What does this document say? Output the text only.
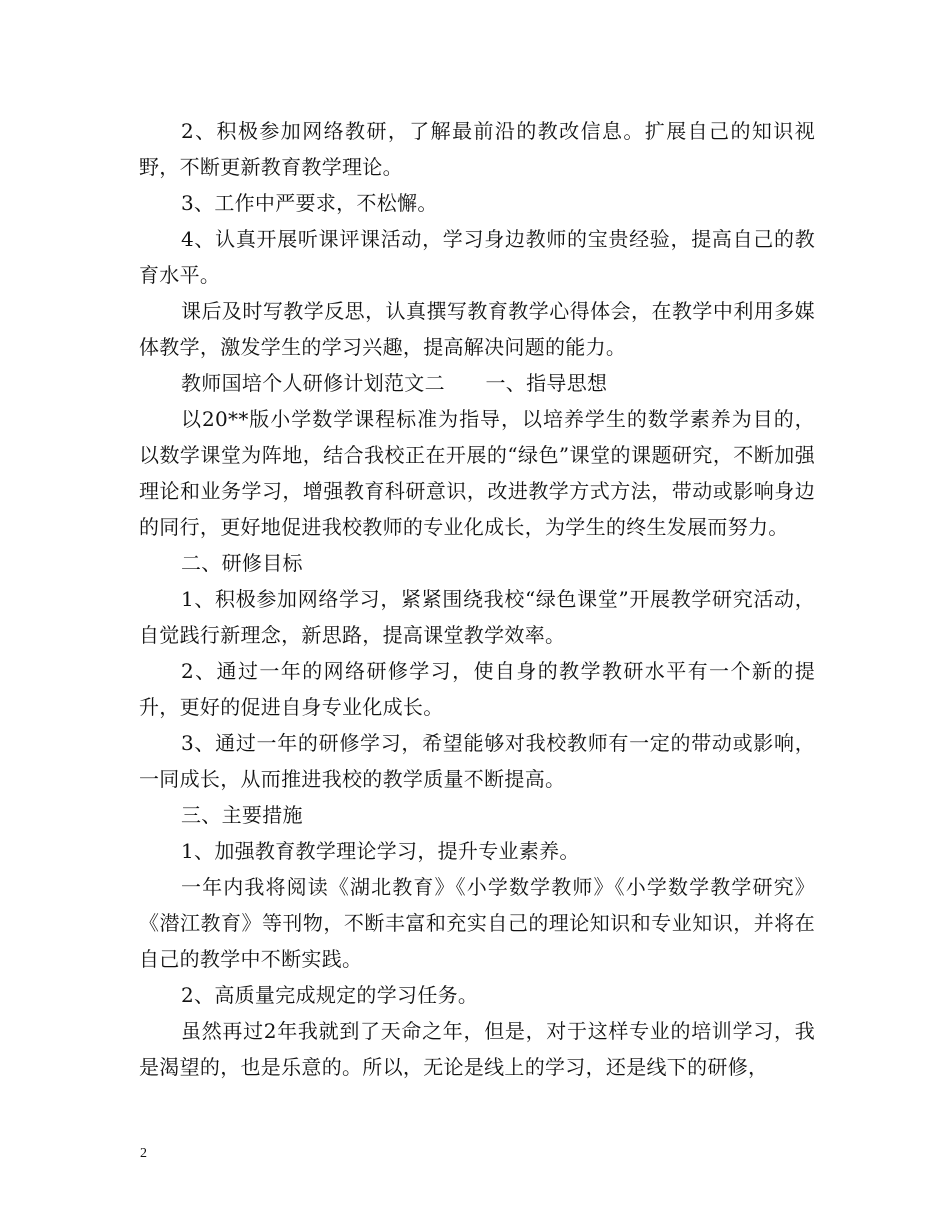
2、积极参加网络教研，了解最前沿的教改信息。扩展自己的知识视野，不断更新教育教学理论。

3、工作中严要求，不松懈。

4、认真开展听课评课活动，学习身边教师的宝贵经验，提高自己的教育水平。

课后及时写教学反思，认真撰写教育教学心得体会，在教学中利用多媒体教学，激发学生的学习兴趣，提高解决问题的能力。

教师国培个人研修计划范文二　　一、指导思想

以20**版小学数学课程标准为指导，以培养学生的数学素养为目的，以数学课堂为阵地，结合我校正在开展的“绿色”课堂的课题研究，不断加强理论和业务学习，增强教育科研意识，改进教学方式方法，带动或影响身边的同行，更好地促进我校教师的专业化成长，为学生的终生发展而努力。

二、研修目标

1、积极参加网络学习，紧紧围绕我校“绿色课堂”开展教学研究活动，自觉践行新理念，新思路，提高课堂教学效率。

2、通过一年的网络研修学习，使自身的教学教研水平有一个新的提升，更好的促进自身专业化成长。

3、通过一年的研修学习，希望能够对我校教师有一定的带动或影响，一同成长，从而推进我校的教学质量不断提高。

三、主要措施

1、加强教育教学理论学习，提升专业素养。

一年内我将阅读《湖北教育》《小学数学教师》《小学数学教学研究》《潜江教育》等刊物，不断丰富和充实自己的理论知识和专业知识，并将在自己的教学中不断实践。

2、高质量完成规定的学习任务。

虽然再过2年我就到了天命之年，但是，对于这样专业的培训学习，我是渴望的，也是乐意的。所以，无论是线上的学习，还是线下的研修，

2
